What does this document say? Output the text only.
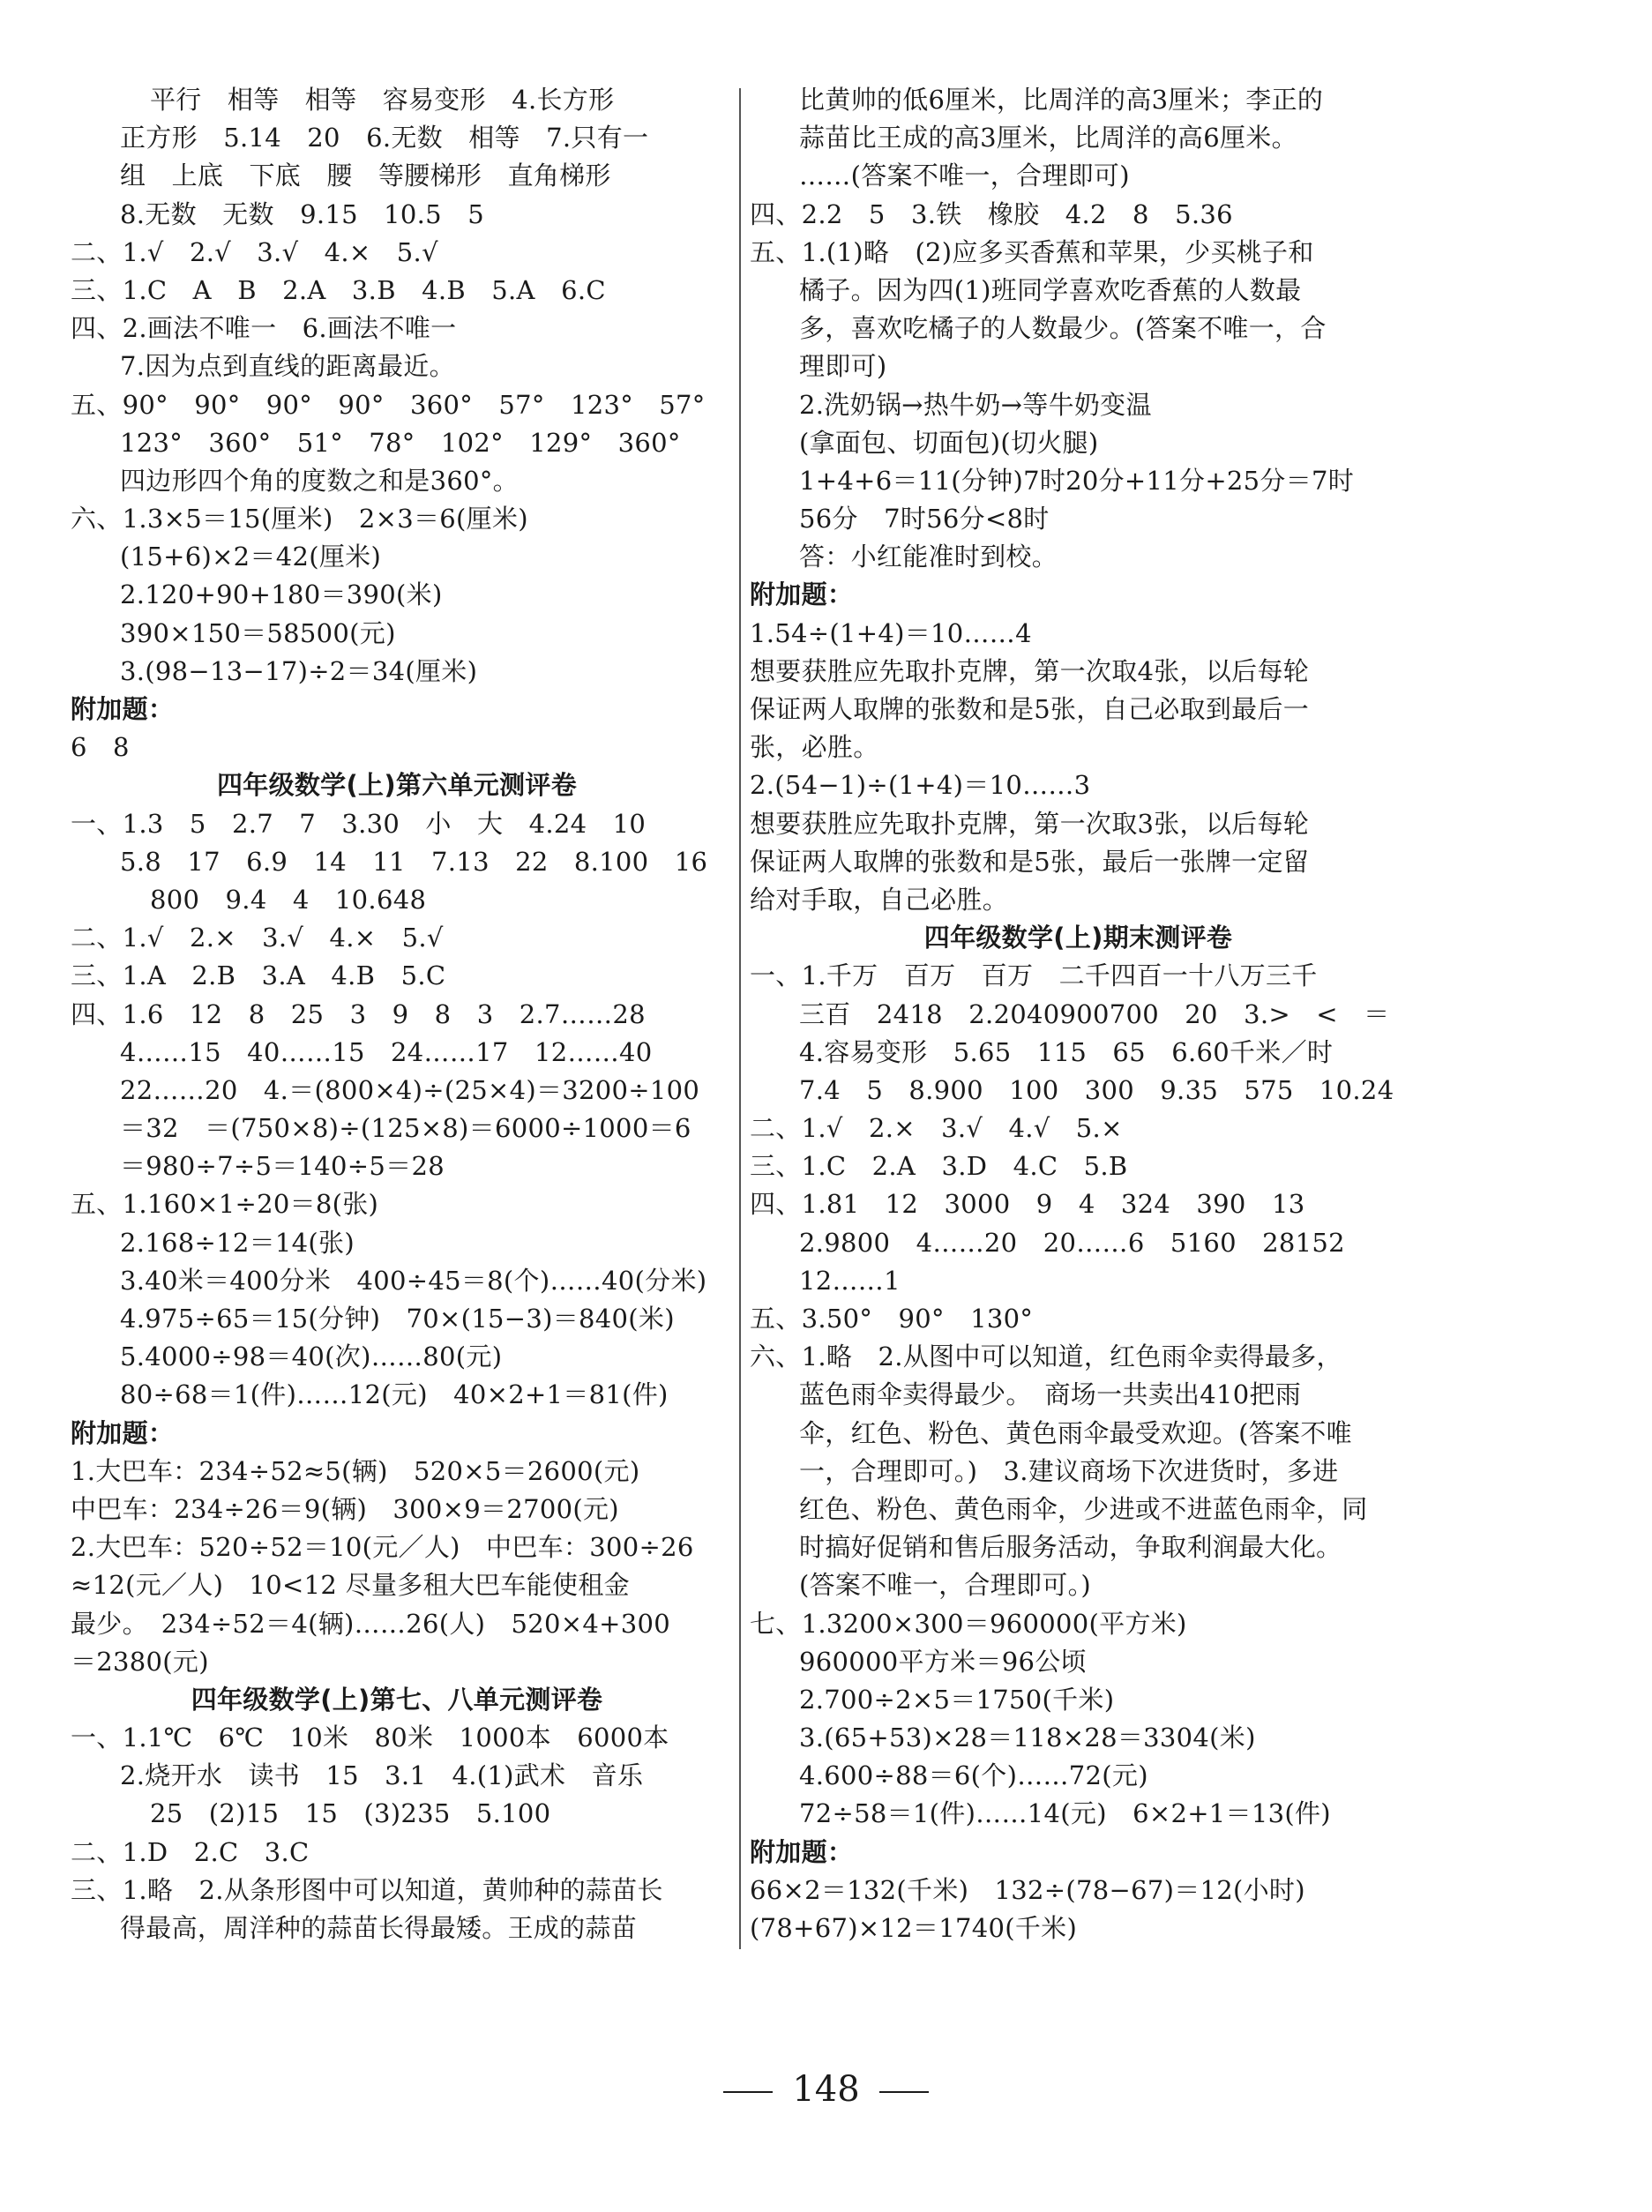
平行　相等　相等　容易变形　4.长方形
正方形　5.14　20　6.无数　相等　7.只有一
组　上底　下底　腰　等腰梯形　直角梯形
8.无数　无数　9.15　10.5　5
二、1.√　2.√　3.√　4.×　5.√
三、1.C　A　B　2.A　3.B　4.B　5.A　6.C
四、2.画法不唯一　6.画法不唯一
7.因为点到直线的距离最近。
五、90°　90°　90°　90°　360°　57°　123°　57°
123°　360°　51°　78°　102°　129°　360°
四边形四个角的度数之和是360°。
六、1.3×5＝15(厘米)　2×3＝6(厘米)
(15+6)×2＝42(厘米)
2.120+90+180＝390(米)
390×150＝58500(元)
3.(98−13−17)÷2＝34(厘米)
附加题：
6　8
四年级数学(上)第六单元测评卷
一、1.3　5　2.7　7　3.30　小　大　4.24　10
5.8　17　6.9　14　11　7.13　22　8.100　16
800　9.4　4　10.648
二、1.√　2.×　3.√　4.×　5.√
三、1.A　2.B　3.A　4.B　5.C
四、1.6　12　8　25　3　9　8　3　2.7……28
4……15　40……15　24……17　12……40
22……20　4.＝(800×4)÷(25×4)＝3200÷100
＝32　＝(750×8)÷(125×8)＝6000÷1000＝6
＝980÷7÷5＝140÷5＝28
五、1.160×1÷20＝8(张)
2.168÷12＝14(张)
3.40米＝400分米　400÷45＝8(个)……40(分米)
4.975÷65＝15(分钟)　70×(15−3)＝840(米)
5.4000÷98＝40(次)……80(元)
80÷68＝1(件)……12(元)　40×2+1＝81(件)
附加题：
1.大巴车：234÷52≈5(辆)　520×5＝2600(元)
中巴车：234÷26＝9(辆)　300×9＝2700(元)
2.大巴车：520÷52＝10(元／人)　中巴车：300÷26
≈12(元／人)　10<12 尽量多租大巴车能使租金
最少。　234÷52＝4(辆)……26(人)　520×4+300
＝2380(元)
四年级数学(上)第七、八单元测评卷
一、1.1℃　6℃　10米　80米　1000本　6000本
2.烧开水　读书　15　3.1　4.(1)武术　音乐
25　(2)15　15　(3)235　5.100
二、1.D　2.C　3.C
三、1.略　2.从条形图中可以知道，黄帅种的蒜苗长
得最高，周洋种的蒜苗长得最矮。王成的蒜苗
比黄帅的低6厘米，比周洋的高3厘米；李正的
蒜苗比王成的高3厘米，比周洋的高6厘米。
……(答案不唯一，合理即可)
四、2.2　5　3.铁　橡胶　4.2　8　5.36
五、1.(1)略　(2)应多买香蕉和苹果，少买桃子和
橘子。因为四(1)班同学喜欢吃香蕉的人数最
多，喜欢吃橘子的人数最少。(答案不唯一，合
理即可)
2.洗奶锅→热牛奶→等牛奶变温
(拿面包、切面包)(切火腿)
1+4+6＝11(分钟)7时20分+11分+25分＝7时
56分　7时56分<8时
答：小红能准时到校。
附加题：
1.54÷(1+4)＝10……4
想要获胜应先取扑克牌，第一次取4张，以后每轮
保证两人取牌的张数和是5张，自己必取到最后一
张，必胜。
2.(54−1)÷(1+4)＝10……3
想要获胜应先取扑克牌，第一次取3张，以后每轮
保证两人取牌的张数和是5张，最后一张牌一定留
给对手取，自己必胜。
四年级数学(上)期末测评卷
一、1.千万　百万　百万　二千四百一十八万三千
三百　2418　2.2040900700　20　3.>　<　＝
4.容易变形　5.65　115　65　6.60千米／时
7.4　5　8.900　100　300　9.35　575　10.24
二、1.√　2.×　3.√　4.√　5.×
三、1.C　2.A　3.D　4.C　5.B
四、1.81　12　3000　9　4　324　390　13
2.9800　4……20　20……6　5160　28152
12……1
五、3.50°　90°　130°
六、1.略　2.从图中可以知道，红色雨伞卖得最多，
蓝色雨伞卖得最少。　商场一共卖出410把雨
伞，红色、粉色、黄色雨伞最受欢迎。(答案不唯
一，合理即可。)　3.建议商场下次进货时，多进
红色、粉色、黄色雨伞，少进或不进蓝色雨伞，同
时搞好促销和售后服务活动，争取利润最大化。
(答案不唯一，合理即可。)
七、1.3200×300＝960000(平方米)
960000平方米＝96公顷
2.700÷2×5＝1750(千米)
3.(65+53)×28＝118×28＝3304(米)
4.600÷88＝6(个)……72(元)
72÷58＝1(件)……14(元)　6×2+1＝13(件)
附加题：
66×2＝132(千米)　132÷(78−67)＝12(小时)
(78+67)×12＝1740(千米)
148
